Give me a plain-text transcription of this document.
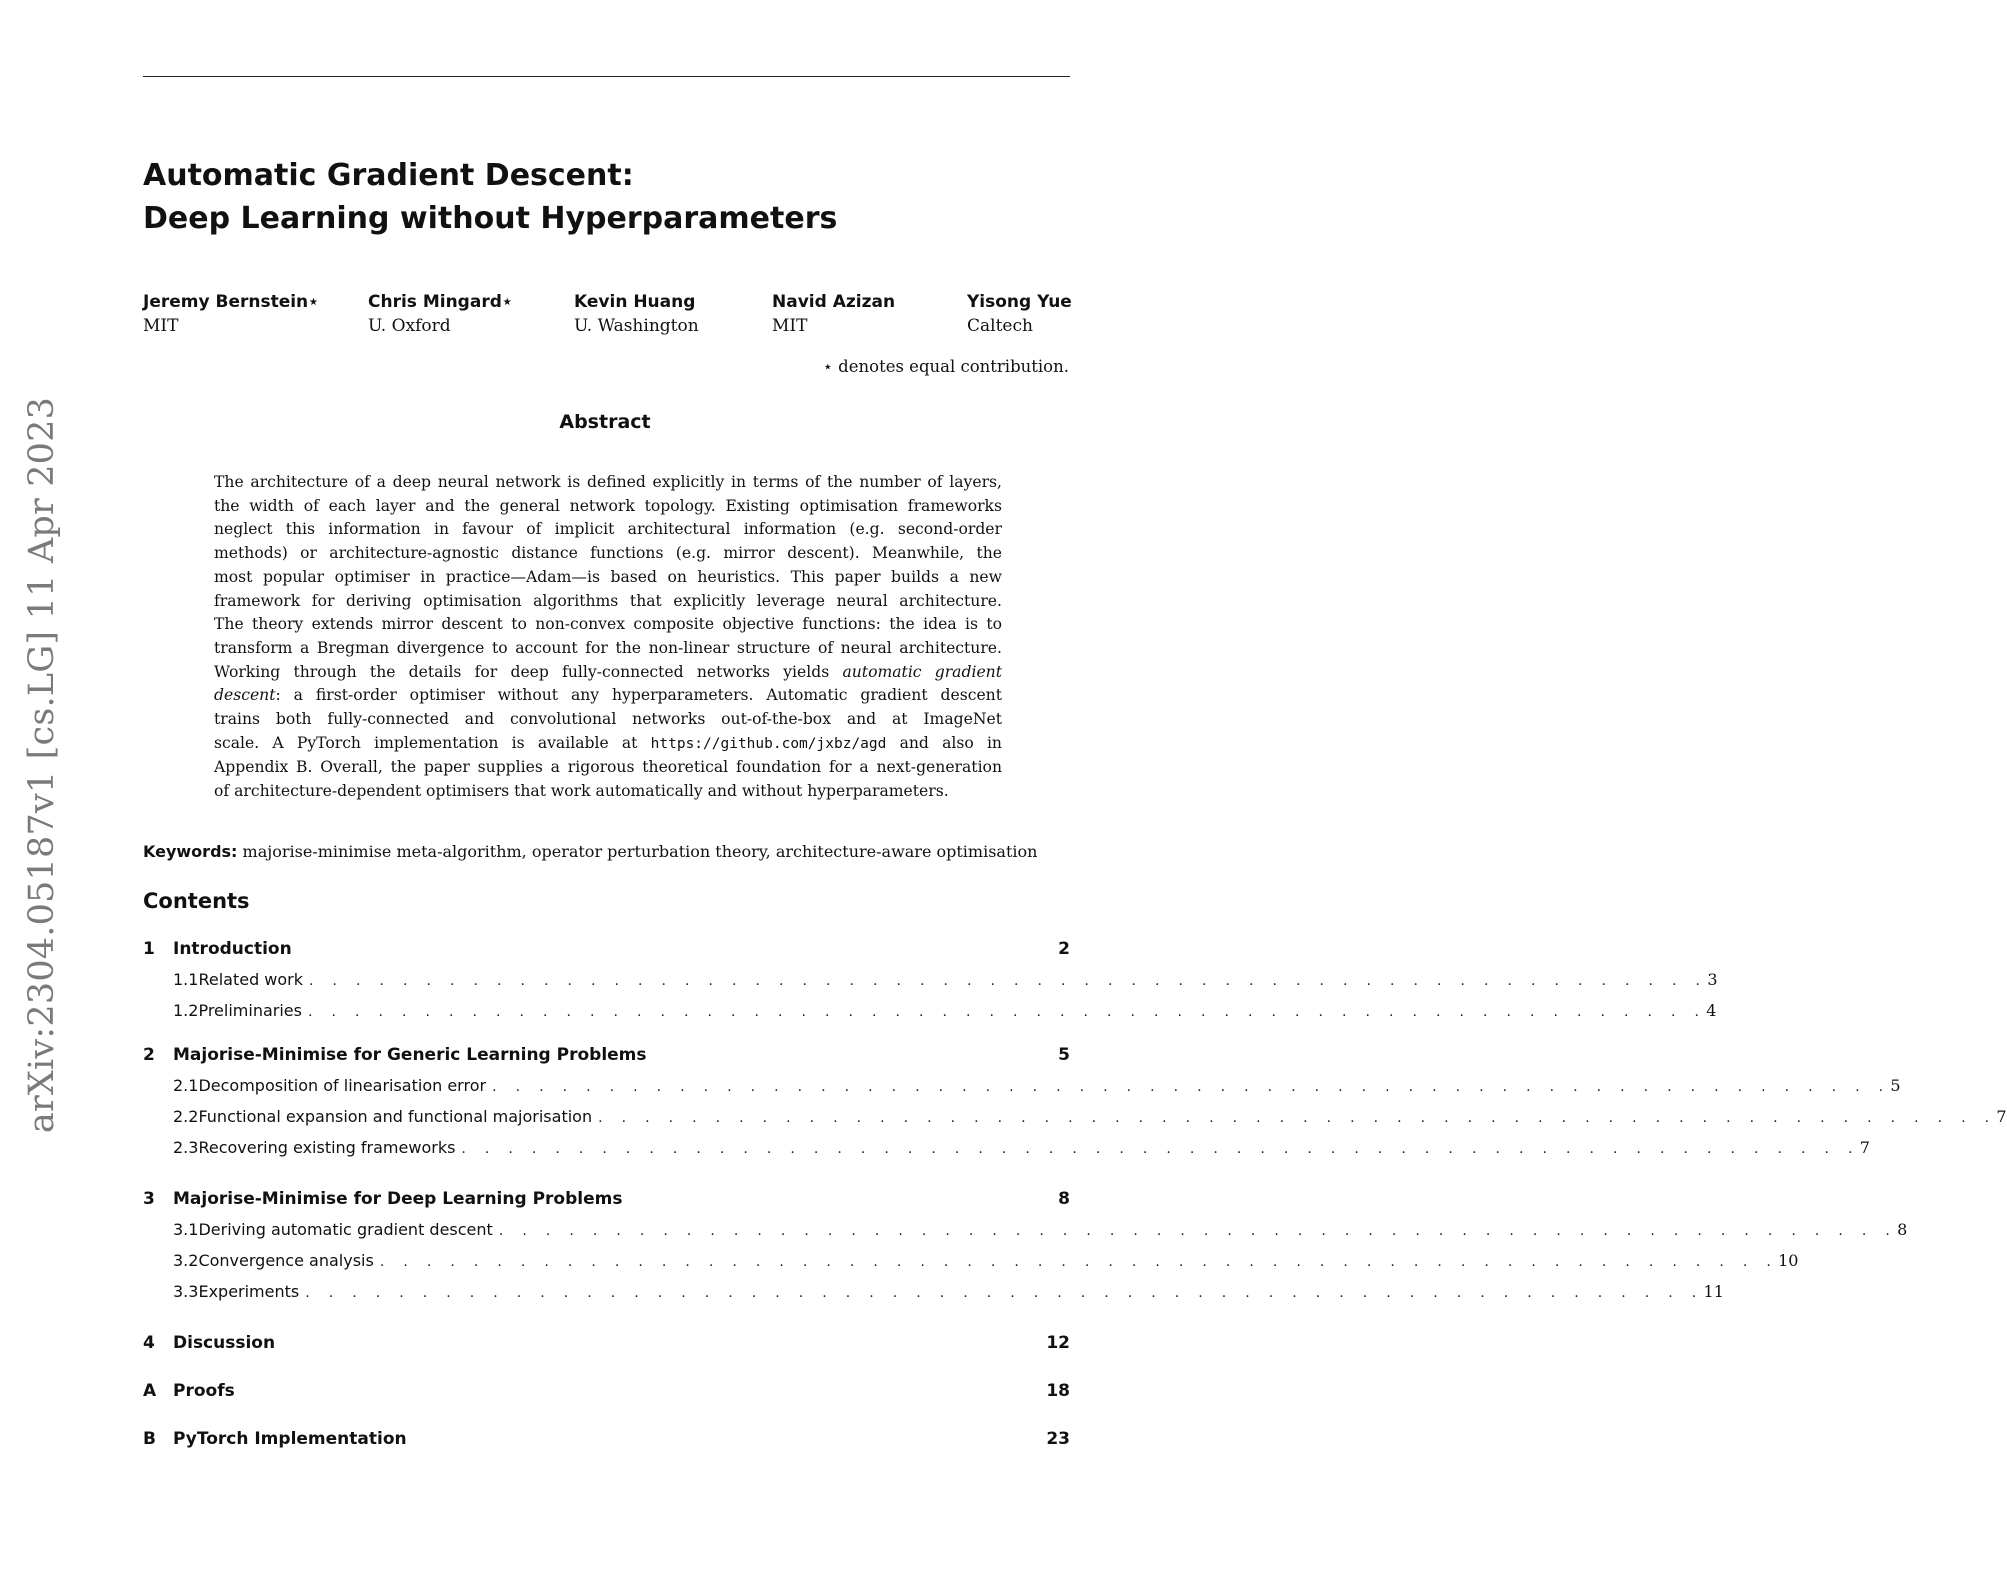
arXiv:2304.05187v1 [cs.LG] 11 Apr 2023
Automatic Gradient Descent:
Deep Learning without Hyperparameters
Jeremy Bernstein⋆
MIT
Chris Mingard⋆
U. Oxford
Kevin Huang
U. Washington
Navid Azizan
MIT
Yisong Yue
Caltech
⋆ denotes equal contribution.
Abstract
The architecture of a deep neural network is defined explicitly in terms of the number of layers,
the width of each layer and the general network topology. Existing optimisation frameworks
neglect this information in favour of implicit architectural information (e.g. second-order
methods) or architecture-agnostic distance functions (e.g. mirror descent). Meanwhile, the
most popular optimiser in practice—Adam—is based on heuristics. This paper builds a new
framework for deriving optimisation algorithms that explicitly leverage neural architecture.
The theory extends mirror descent to non-convex composite objective functions: the idea is to
transform a Bregman divergence to account for the non-linear structure of neural architecture.
Working through the details for deep fully-connected networks yields automatic gradient
descent: a first-order optimiser without any hyperparameters. Automatic gradient descent
trains both fully-connected and convolutional networks out-of-the-box and at ImageNet
scale. A PyTorch implementation is available at https://github.com/jxbz/agd and also in
Appendix B. Overall, the paper supplies a rigorous theoretical foundation for a next-generation
of architecture-dependent optimisers that work automatically and without hyperparameters.
Keywords: majorise-minimise meta-algorithm, operator perturbation theory, architecture-aware optimisation
Contents
1	Introduction	2
1.1 Related work . . . . . . . . . . . . . . . . . . . . . . . . . . . . . . . . . . . . . . . . . . . . . . . . . . . . . . . . . . . . 3
1.2 Preliminaries . . . . . . . . . . . . . . . . . . . . . . . . . . . . . . . . . . . . . . . . . . . . . . . . . . . . . . . . . . . . 4
2	Majorise-Minimise for Generic Learning Problems	5
2.1 Decomposition of linearisation error . . . . . . . . . . . . . . . . . . . . . . . . . . . . . . . . . . . . . . . . . . . . . . . . . . . . . . . . . . . . 5
2.2 Functional expansion and functional majorisation . . . . . . . . . . . . . . . . . . . . . . . . . . . . . . . . . . . . . . . . . . . . . . . . . . . . . . . . . . . . 7
2.3 Recovering existing frameworks . . . . . . . . . . . . . . . . . . . . . . . . . . . . . . . . . . . . . . . . . . . . . . . . . . . . . . . . . . . . 7
3	Majorise-Minimise for Deep Learning Problems	8
3.1 Deriving automatic gradient descent . . . . . . . . . . . . . . . . . . . . . . . . . . . . . . . . . . . . . . . . . . . . . . . . . . . . . . . . . . . . 8
3.2 Convergence analysis . . . . . . . . . . . . . . . . . . . . . . . . . . . . . . . . . . . . . . . . . . . . . . . . . . . . . . . . . . . . 10
3.3 Experiments . . . . . . . . . . . . . . . . . . . . . . . . . . . . . . . . . . . . . . . . . . . . . . . . . . . . . . . . . . . . 11
4	Discussion	12
A Proofs	18
B	PyTorch Implementation	23
